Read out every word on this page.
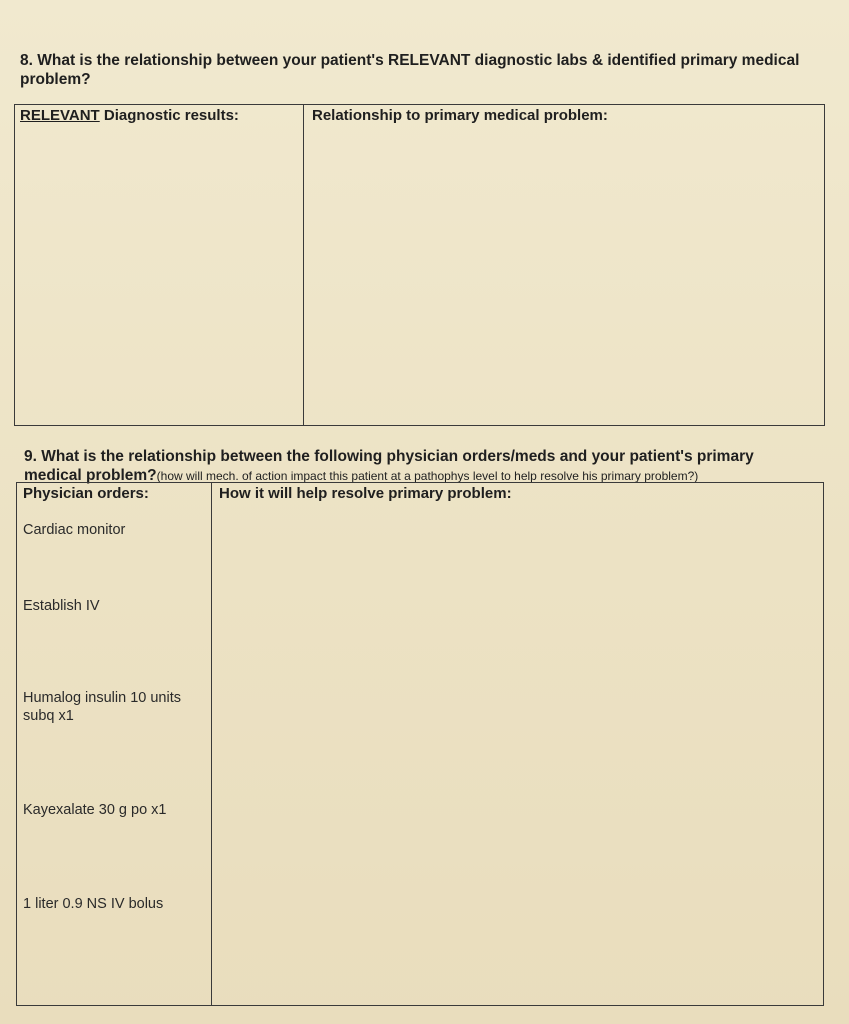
8. What is the relationship between your patient's RELEVANT diagnostic labs & identified primary medical problem?
RELEVANT Diagnostic results:	Relationship to primary medical problem:
9. What is the relationship between the following physician orders/meds and your patient's primary medical problem?(how will mech. of action impact this patient at a pathophys level to help resolve his primary problem?)
Physician orders:	How it will help resolve primary problem:
Cardiac monitor
Establish IV
Humalog insulin 10 units subq x1
Kayexalate 30 g po x1
1 liter 0.9 NS IV bolus
